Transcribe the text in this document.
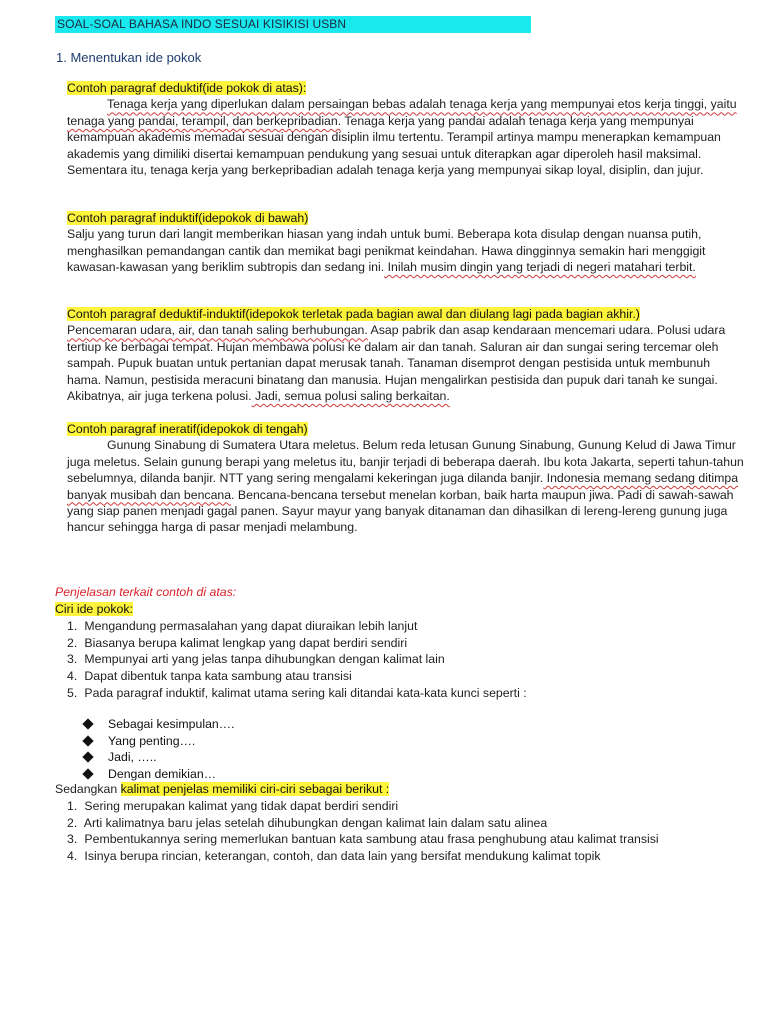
SOAL-SOAL BAHASA INDO SESUAI KISIKISI USBN
1. Menentukan ide pokok

Contoh paragraf deduktif(ide pokok di atas):

Tenaga kerja yang diperlukan dalam persaingan bebas adalah tenaga kerja yang mempunyai etos kerja tinggi, yaitu tenaga yang pandai, terampil, dan berkepribadian. Tenaga kerja yang pandai adalah tenaga kerja yang mempunyai kemampuan akademis memadai sesuai dengan disiplin ilmu tertentu. Terampil artinya mampu menerapkan kemampuan akademis yang dimiliki disertai kemampuan pendukung yang sesuai untuk diterapkan agar diperoleh hasil maksimal. Sementara itu, tenaga kerja yang berkepribadian adalah tenaga kerja yang mempunyai sikap loyal, disiplin, dan jujur.

Contoh paragraf induktif(idepokok di bawah)

Salju yang turun dari langit memberikan hiasan yang indah untuk bumi. Beberapa kota disulap dengan nuansa putih, menghasilkan pemandangan cantik dan memikat bagi penikmat keindahan. Hawa dingginnya semakin hari menggigit kawasan-kawasan yang beriklim subtropis dan sedang ini. Inilah musim dingin yang terjadi di negeri matahari terbit.

Contoh paragraf deduktif-induktif(idepokok terletak pada bagian awal dan diulang lagi pada bagian akhir.)

Pencemaran udara, air, dan tanah saling berhubungan. Asap pabrik dan asap kendaraan mencemari udara. Polusi udara tertiup ke berbagai tempat. Hujan membawa polusi ke dalam air dan tanah. Saluran air dan sungai sering tercemar oleh sampah. Pupuk buatan untuk pertanian dapat merusak tanah. Tanaman disemprot dengan pestisida untuk membunuh hama. Namun, pestisida meracuni binatang dan manusia. Hujan mengalirkan pestisida dan pupuk dari tanah ke sungai. Akibatnya, air juga terkena polusi. Jadi, semua polusi saling berkaitan.

Contoh paragraf ineratif(idepokok di tengah)

Gunung Sinabung di Sumatera Utara meletus. Belum reda letusan Gunung Sinabung, Gunung Kelud di Jawa Timur juga meletus. Selain gunung berapi yang meletus itu, banjir terjadi di beberapa daerah. Ibu kota Jakarta, seperti tahun-tahun sebelumnya, dilanda banjir. NTT yang sering mengalami kekeringan juga dilanda banjir. Indonesia memang sedang ditimpa banyak musibah dan bencana. Bencana-bencana tersebut menelan korban, baik harta maupun jiwa. Padi di sawah-sawah yang siap panen menjadi gagal panen. Sayur mayur yang banyak ditanaman dan dihasilkan di lereng-lereng gunung juga hancur sehingga harga di pasar menjadi melambung.

Penjelasan terkait contoh di atas:
Ciri ide pokok:
1. Mengandung permasalahan yang dapat diuraikan lebih lanjut
2. Biasanya berupa kalimat lengkap yang dapat berdiri sendiri
3. Mempunyai arti yang jelas tanpa dihubungkan dengan kalimat lain
4. Dapat dibentuk tanpa kata sambung atau transisi
5. Pada paragraf induktif, kalimat utama sering kali ditandai kata-kata kunci seperti :
Sebagai kesimpulan….
Yang penting….
Jadi, …..
Dengan demikian…
Sedangkan kalimat penjelas memiliki ciri-ciri sebagai berikut :
1. Sering merupakan kalimat yang tidak dapat berdiri sendiri
2. Arti kalimatnya baru jelas setelah dihubungkan dengan kalimat lain dalam satu alinea
3. Pembentukannya sering memerlukan bantuan kata sambung atau frasa penghubung atau kalimat transisi
4. Isinya berupa rincian, keterangan, contoh, dan data lain yang bersifat mendukung kalimat topik
